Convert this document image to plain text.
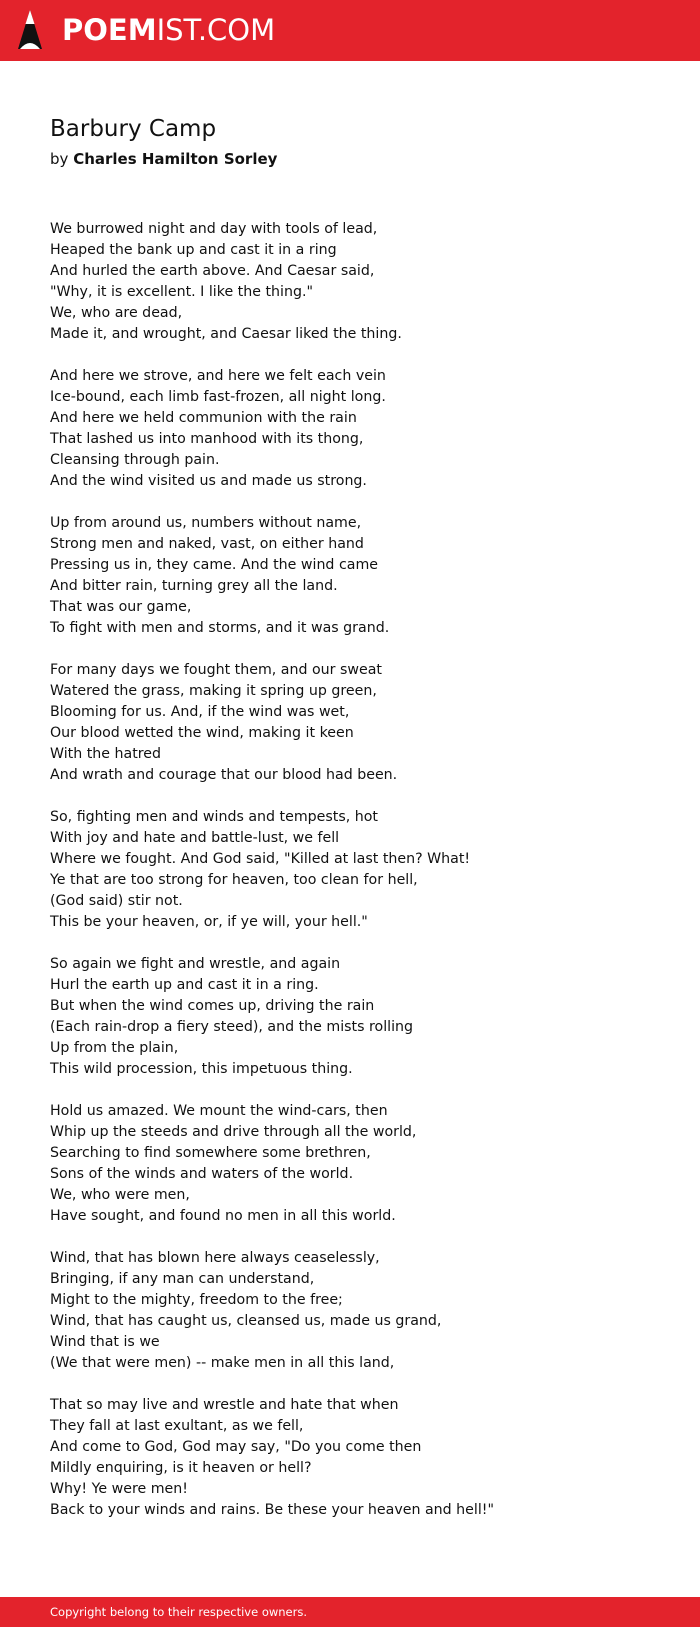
POEMIST.COM
Barbury Camp
by Charles Hamilton Sorley
We burrowed night and day with tools of lead,
Heaped the bank up and cast it in a ring
And hurled the earth above. And Caesar said,
"Why, it is excellent. I like the thing."
We, who are dead,
Made it, and wrought, and Caesar liked the thing.
And here we strove, and here we felt each vein
Ice-bound, each limb fast-frozen, all night long.
And here we held communion with the rain
That lashed us into manhood with its thong,
Cleansing through pain.
And the wind visited us and made us strong.
Up from around us, numbers without name,
Strong men and naked, vast, on either hand
Pressing us in, they came. And the wind came
And bitter rain, turning grey all the land.
That was our game,
To fight with men and storms, and it was grand.
For many days we fought them, and our sweat
Watered the grass, making it spring up green,
Blooming for us. And, if the wind was wet,
Our blood wetted the wind, making it keen
With the hatred
And wrath and courage that our blood had been.
So, fighting men and winds and tempests, hot
With joy and hate and battle-lust, we fell
Where we fought. And God said, "Killed at last then? What!
Ye that are too strong for heaven, too clean for hell,
(God said) stir not.
This be your heaven, or, if ye will, your hell."
So again we fight and wrestle, and again
Hurl the earth up and cast it in a ring.
But when the wind comes up, driving the rain
(Each rain-drop a fiery steed), and the mists rolling
Up from the plain,
This wild procession, this impetuous thing.
Hold us amazed. We mount the wind-cars, then
Whip up the steeds and drive through all the world,
Searching to find somewhere some brethren,
Sons of the winds and waters of the world.
We, who were men,
Have sought, and found no men in all this world.
Wind, that has blown here always ceaselessly,
Bringing, if any man can understand,
Might to the mighty, freedom to the free;
Wind, that has caught us, cleansed us, made us grand,
Wind that is we
(We that were men) -- make men in all this land,
That so may live and wrestle and hate that when
They fall at last exultant, as we fell,
And come to God, God may say, "Do you come then
Mildly enquiring, is it heaven or hell?
Why! Ye were men!
Back to your winds and rains. Be these your heaven and hell!"
Copyright belong to their respective owners.
